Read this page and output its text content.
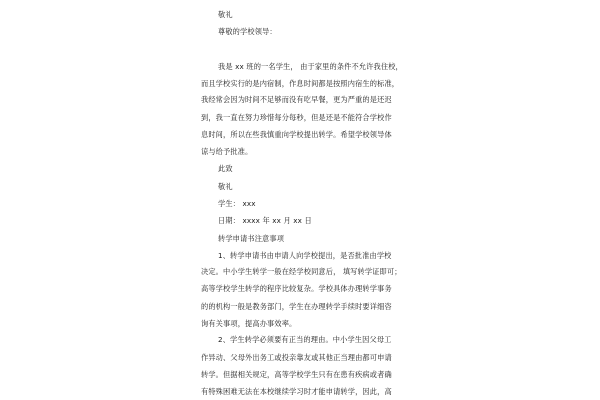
敬礼
尊敬的学校领导：
我是 xx 班的一名学生， 由于家里的条件不允许我住校，
而且学校实行的是内宿制，作息时间都是按照内宿生的标准，
我经常会因为时间不足够而没有吃早餐，更为严重的是还迟
到，我一直在努力珍惜每分每秒，但是还是不能符合学校作
息时间，所以在些我慎重向学校提出转学。希望学校领导体
谅与给予批准。
此致
敬礼
学生： xxx
日期： xxxx 年 xx 月 xx 日
转学申请书注意事项
1、转学申请书由申请人向学校提出，是否批准由学校
决定。中小学生转学一般在经学校同意后， 填写转学证即可；
高等学校学生转学的程序比较复杂。学校具体办理转学事务
的的机构一般是教务部门，学生在办理转学手续时要详细咨
询有关事项，提高办事效率。
2、学生转学必须要有正当的理由。中小学生因父母工
作异动、父母外出务工或投亲靠友或其他正当理由都可申请
转学。但据相关规定，高等学校学生只有在患有疾病或者确
有特殊困难无法在本校继续学习时才能申请转学，因此，高
